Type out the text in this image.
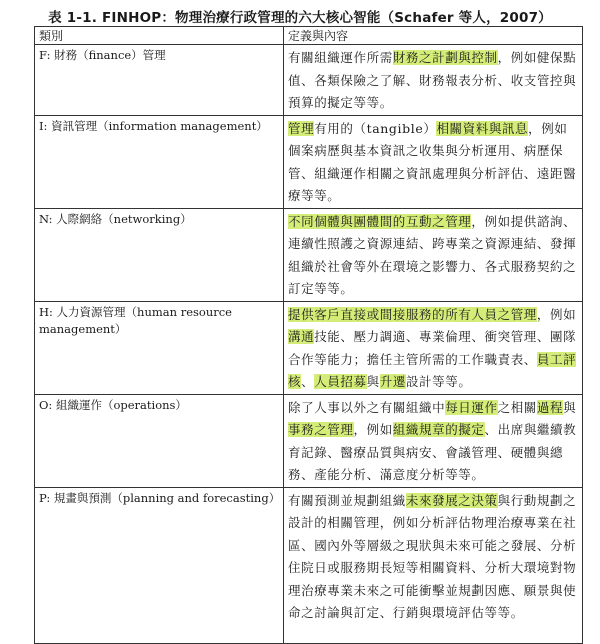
表 1-1. FINHOP：物理治療行政管理的六大核心智能（Schafer 等人，2007）
類別	定義與內容
F: 財務（finance）管理	有關組織運作所需財務之計劃與控制，例如健保點值、各類保險之了解、財務報表分析、收支管控與預算的擬定等等。
I: 資訊管理（information management）	管理有用的（tangible）相關資料與訊息，例如個案病歷與基本資訊之收集與分析運用、病歷保管、組織運作相關之資訊處理與分析評估、遠距醫療等等。
N: 人際網絡（networking）	不同個體與團體間的互動之管理，例如提供諮詢、連續性照護之資源連結、跨專業之資源連結、發揮組織於社會等外在環境之影響力、各式服務契約之訂定等等。
H: 人力資源管理（human resource management）	提供客戶直接或間接服務的所有人員之管理，例如溝通技能、壓力調適、專業倫理、衝突管理、團隊合作等能力；擔任主管所需的工作職責表、員工評核、人員招募與升遷設計等等。
O: 組織運作（operations）	除了人事以外之有關組織中每日運作之相關過程與事務之管理，例如組織規章的擬定、出席與繼續教育記錄、醫療品質與病安、會議管理、硬體與總務、產能分析、滿意度分析等等。
P: 規畫與預測（planning and forecasting）	有關預測並規劃組織未來發展之決策與行動規劃之設計的相關管理，例如分析評估物理治療專業在社區、國內外等層級之現狀與未來可能之發展、分析住院日或服務期長短等相關資料、分析大環境對物理治療專業未來之可能衝擊並規劃因應、願景與使命之討論與訂定、行銷與環境評估等等。
